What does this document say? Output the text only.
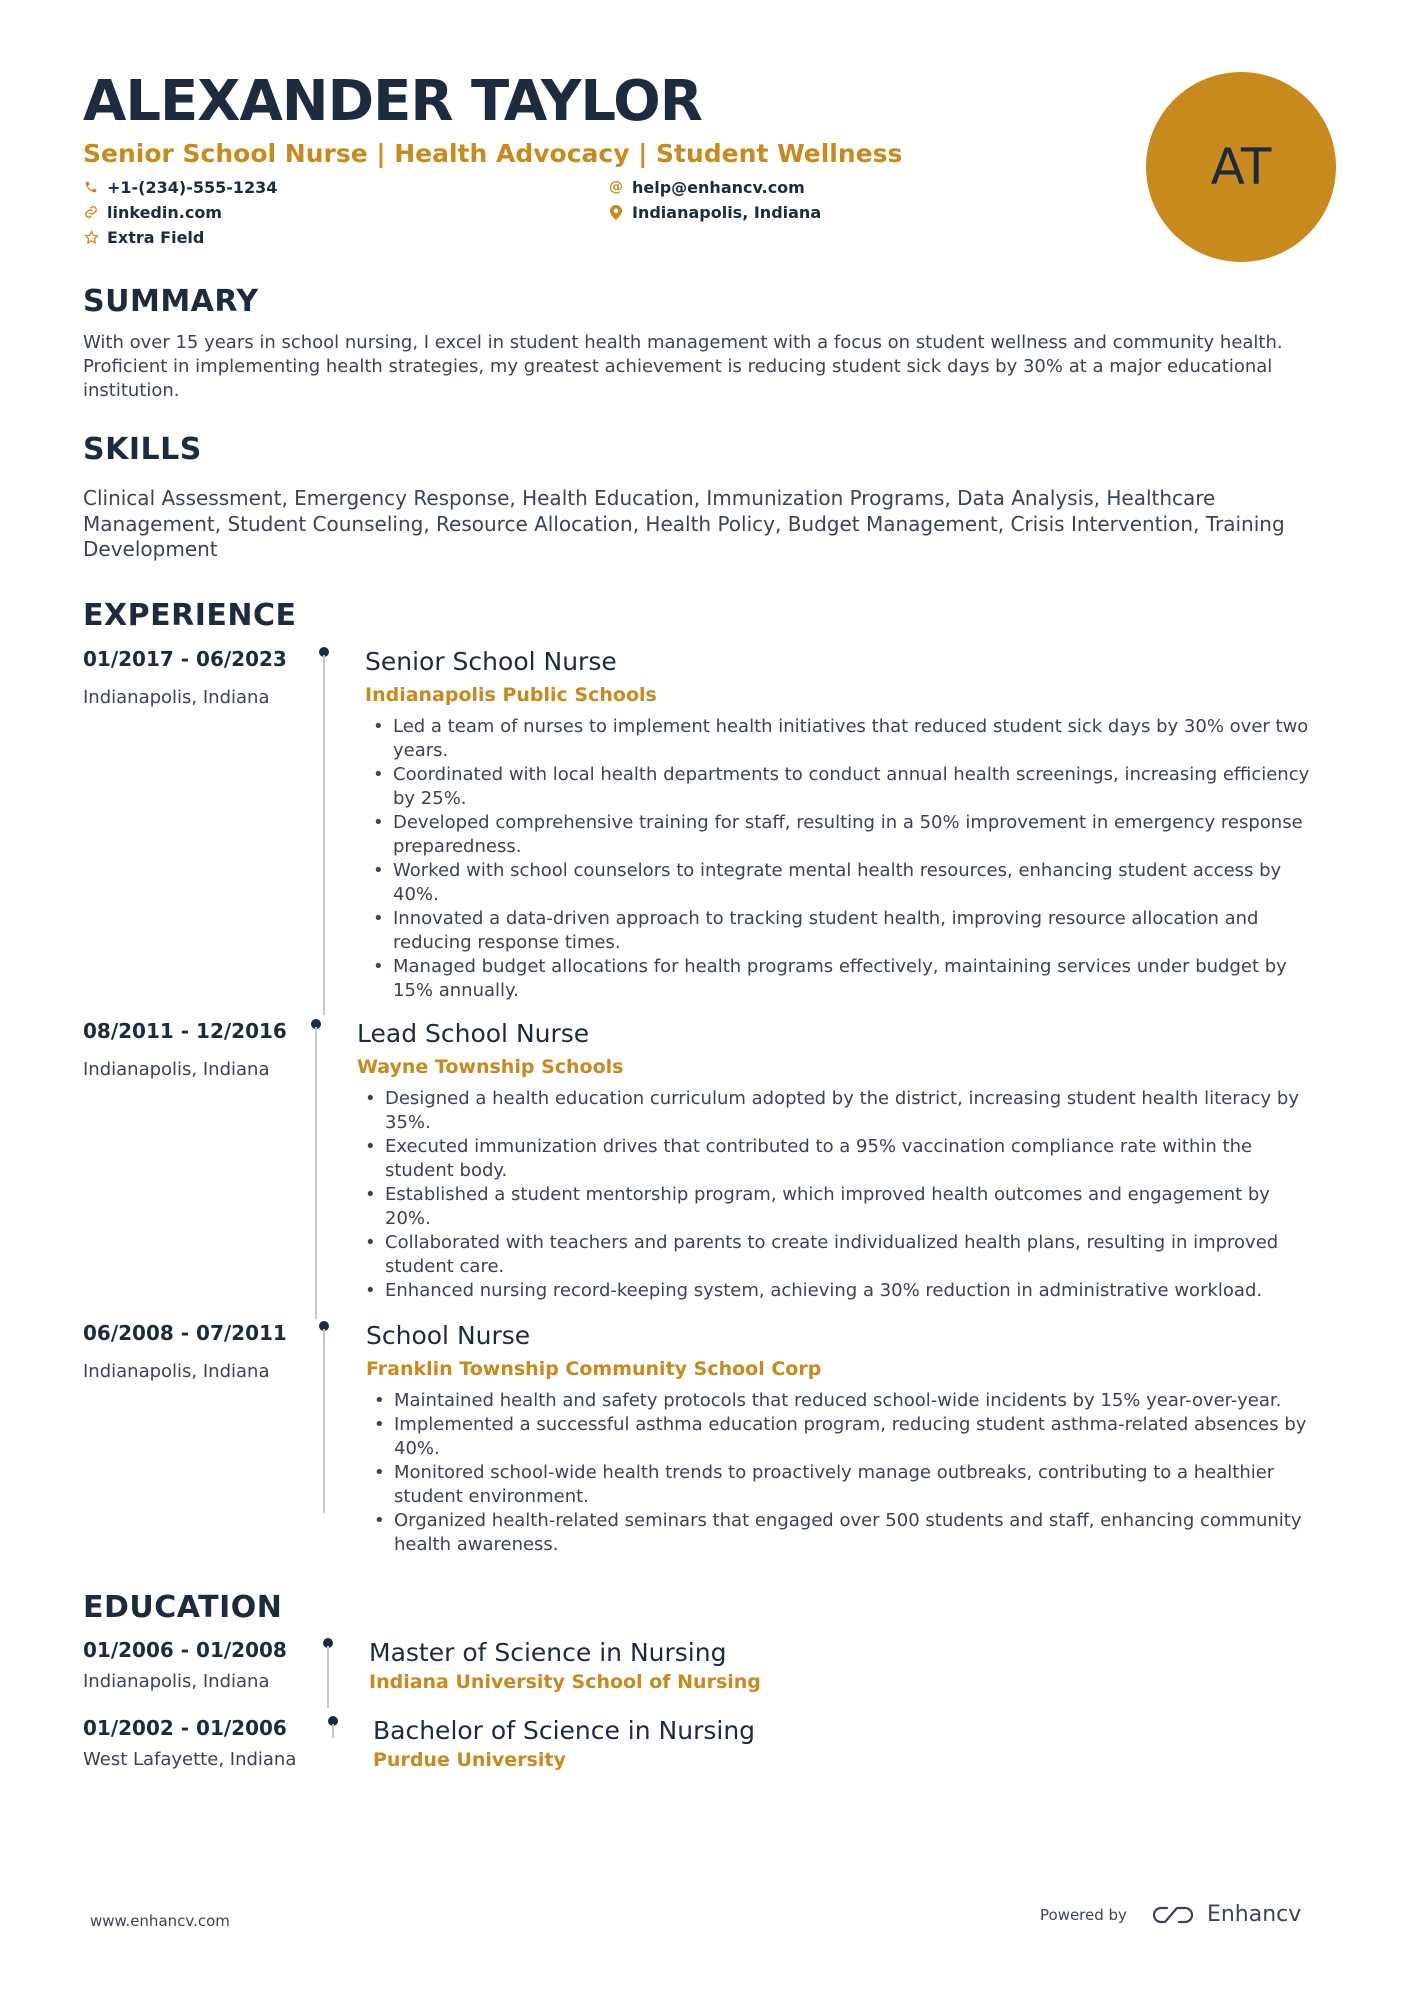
ALEXANDER TAYLOR
Senior School Nurse | Health Advocacy | Student Wellness
+1-(234)-555-1234	@ help@enhancv.com
linkedin.com	Indianapolis, Indiana
Extra Field
AT
SUMMARY
With over 15 years in school nursing, I excel in student health management with a focus on student wellness and community health. Proficient in implementing health strategies, my greatest achievement is reducing student sick days by 30% at a major educational institution.
SKILLS
Clinical Assessment, Emergency Response, Health Education, Immunization Programs, Data Analysis, Healthcare Management, Student Counseling, Resource Allocation, Health Policy, Budget Management, Crisis Intervention, Training Development
EXPERIENCE
01/2017 - 06/2023
Indianapolis, Indiana
Senior School Nurse
Indianapolis Public Schools
• Led a team of nurses to implement health initiatives that reduced student sick days by 30% over two years.
• Coordinated with local health departments to conduct annual health screenings, increasing efficiency by 25%.
• Developed comprehensive training for staff, resulting in a 50% improvement in emergency response preparedness.
• Worked with school counselors to integrate mental health resources, enhancing student access by 40%.
• Innovated a data-driven approach to tracking student health, improving resource allocation and reducing response times.
• Managed budget allocations for health programs effectively, maintaining services under budget by 15% annually.
08/2011 - 12/2016
Indianapolis, Indiana
Lead School Nurse
Wayne Township Schools
• Designed a health education curriculum adopted by the district, increasing student health literacy by 35%.
• Executed immunization drives that contributed to a 95% vaccination compliance rate within the student body.
• Established a student mentorship program, which improved health outcomes and engagement by 20%.
• Collaborated with teachers and parents to create individualized health plans, resulting in improved student care.
• Enhanced nursing record-keeping system, achieving a 30% reduction in administrative workload.
06/2008 - 07/2011
Indianapolis, Indiana
School Nurse
Franklin Township Community School Corp
• Maintained health and safety protocols that reduced school-wide incidents by 15% year-over-year.
• Implemented a successful asthma education program, reducing student asthma-related absences by 40%.
• Monitored school-wide health trends to proactively manage outbreaks, contributing to a healthier student environment.
• Organized health-related seminars that engaged over 500 students and staff, enhancing community health awareness.
EDUCATION
01/2006 - 01/2008
Indianapolis, Indiana
Master of Science in Nursing
Indiana University School of Nursing
01/2002 - 01/2006
West Lafayette, Indiana
Bachelor of Science in Nursing
Purdue University
www.enhancv.com	Powered by	Enhancv
